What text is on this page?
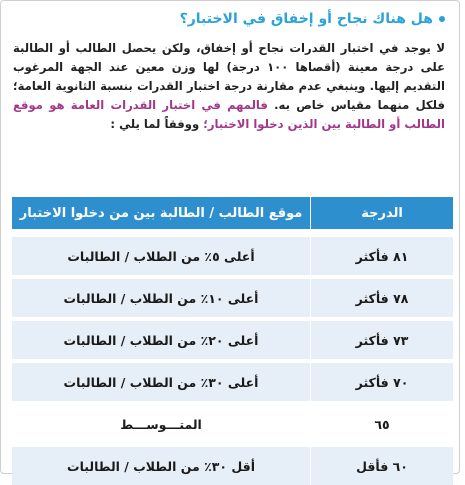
هل هناك نجاح أو إخفاق في الاختبار؟
لا يوجد في اختبار القدرات نجاح أو إخفاق، ولكن يحصل الطالب أو الطالبة على درجة معينة (أقصاها ١٠٠ درجة) لها وزن معين عند الجهة المرغوب التقديم إليها. وينبغي عدم مقارنة درجة اختبار القدرات بنسبة الثانوية العامة؛ فلكل منهما مقياس خاص به. فالمهم في اختبار القدرات العامة هو موقع الطالب أو الطالبة بين الذين دخلوا الاختبار؛ ووفقاً لما يلي :
الدرجة
موقع الطالب / الطالبة بين من دخلوا الاختبار
٨١ فأكثر
أعلى ٥٪ من الطلاب / الطالبات
٧٨ فأكثر
أعلى ١٠٪ من الطلاب / الطالبات
٧٣ فأكثر
أعلى ٢٠٪ من الطلاب / الطالبات
٧٠ فأكثر
أعلى ٣٠٪ من الطلاب / الطالبات
٦٥
المتـــوســـط
٦٠ فأقل
أقل ٣٠٪ من الطلاب / الطالبات
